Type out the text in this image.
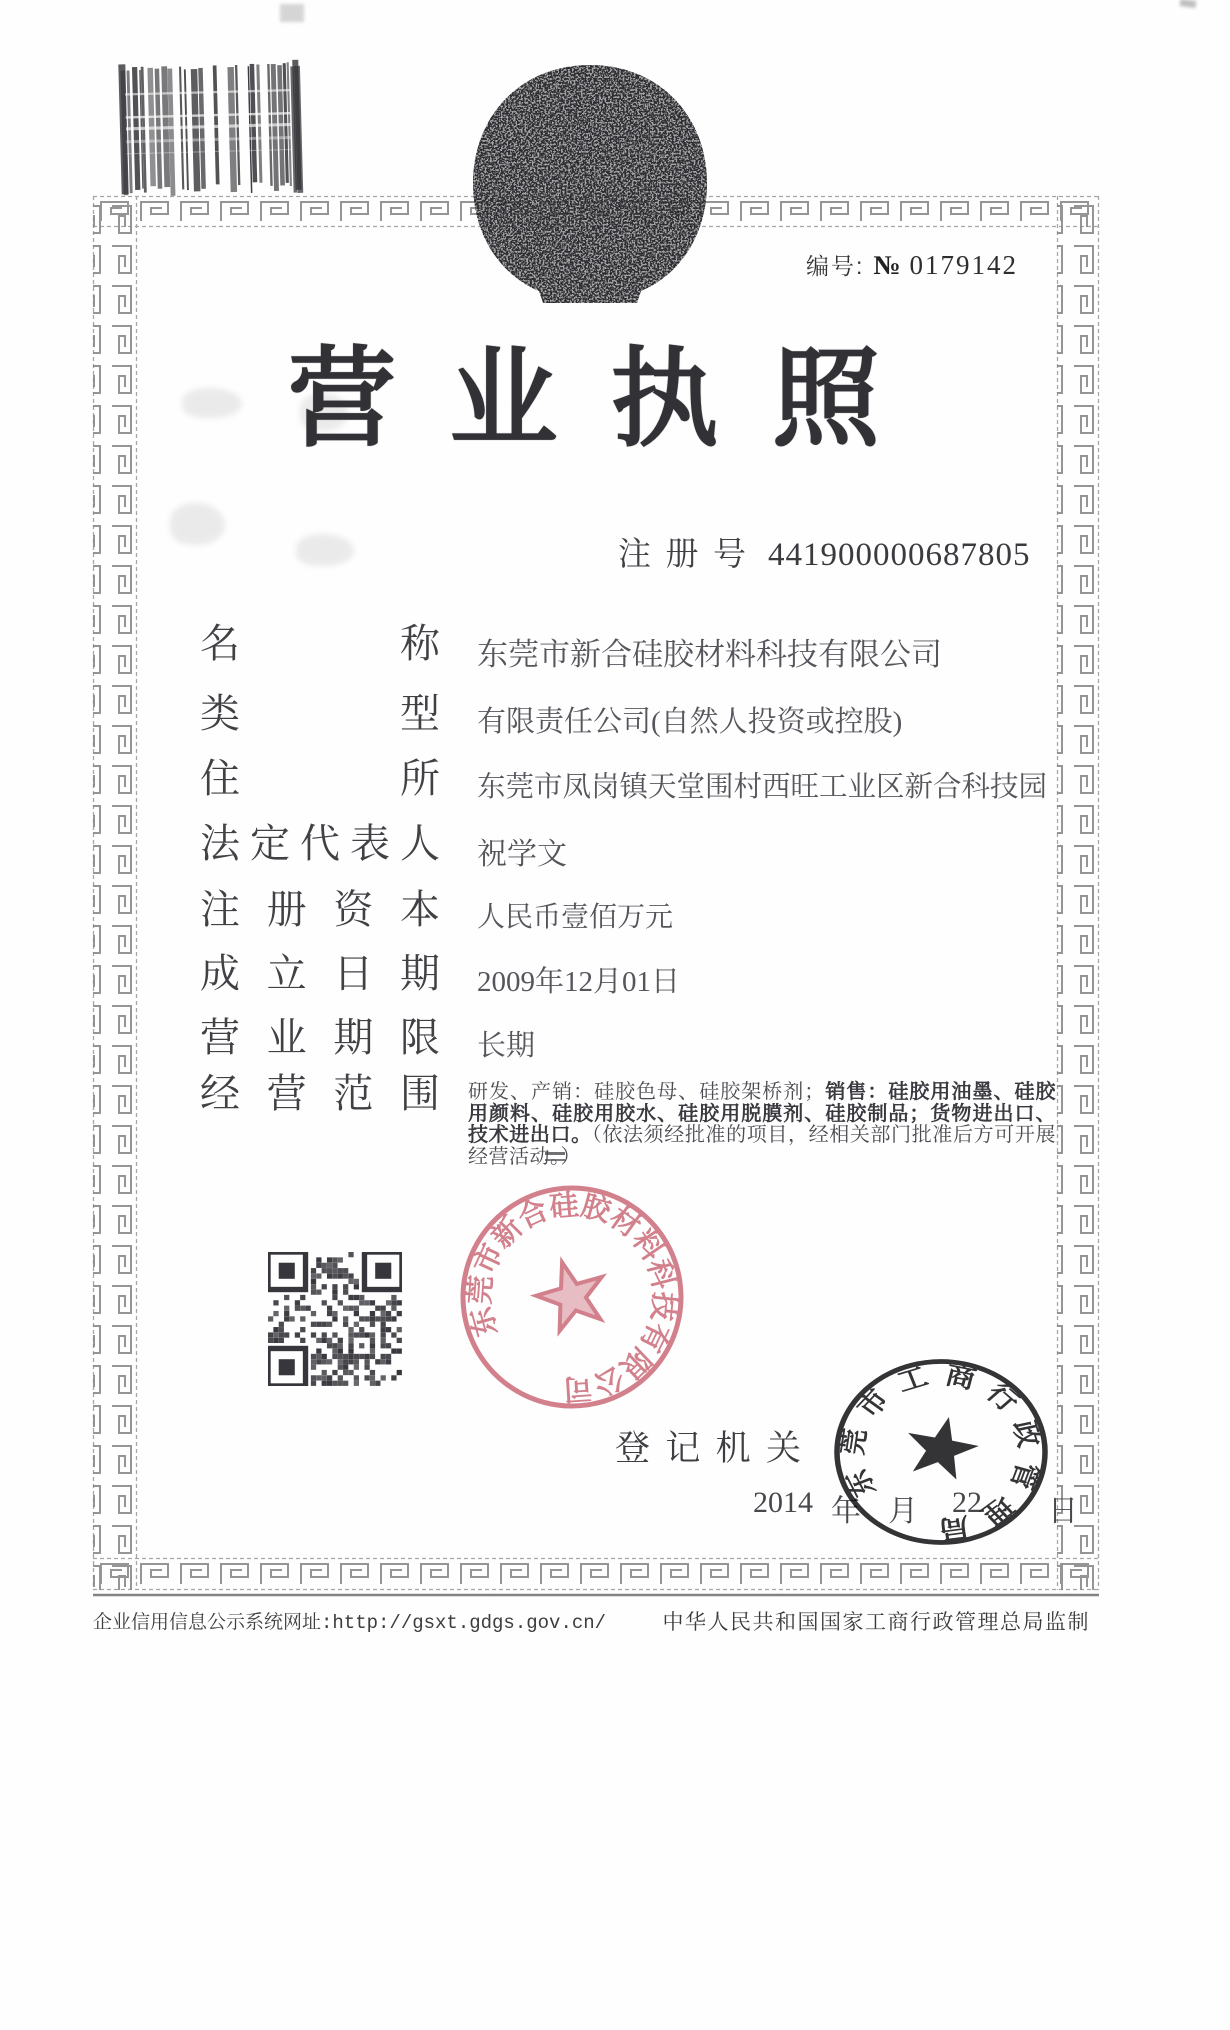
编号: № 0179142
营 业 执 照
注 册 号 441900000687805
名	称 东莞市新合硅胶材料科技有限公司
类	型 有限责任公司(自然人投资或控股)
住	所 东莞市凤岗镇天堂围村西旺工业区新合科技园
法 定 代 表 人 祝学文
注 册 资 本 人民币壹佰万元
成 立 日 期 2009年12月01日
营 业 期 限 长期
经 营 范 围 研发、产销：硅胶色母、硅胶架桥剂；销售：硅胶用油墨、硅胶用颜料、硅胶用胶水、硅胶用脱膜剂、硅胶制品；货物进出口、技术进出口。（依法须经批准的项目，经相关部门批准后方可开展经营活动。）
东莞市新合硅胶材料科技有限公司
登 记 机 关
2014 年 月 22 日
东莞市工商行政管理局
企业信用信息公示系统网址:http://gsxt.gdgs.gov.cn/	中华人民共和国国家工商行政管理总局监制
